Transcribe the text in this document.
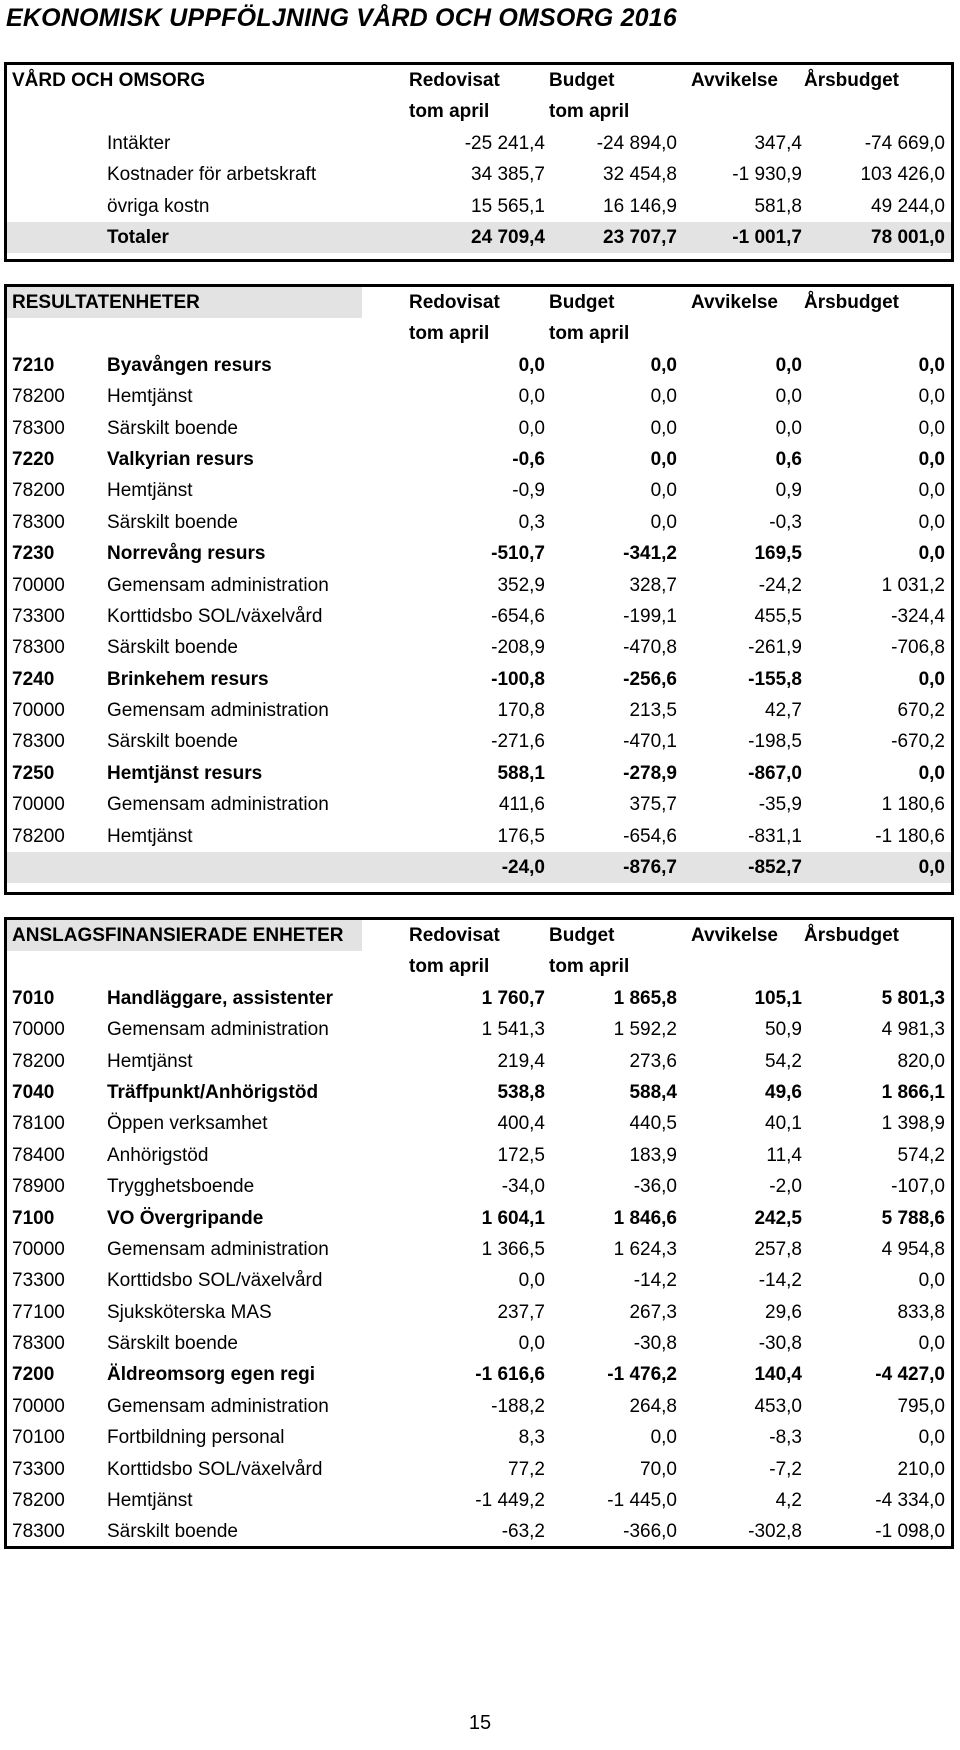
EKONOMISK UPPFÖLJNING VÅRD OCH OMSORG 2016
VÅRD OCH OMSORG	Redovisat	Budget	Avvikelse Årsbudget
tom april	tom april
Intäkter	-25 241,4	-24 894,0	347,4	-74 669,0
Kostnader för arbetskraft	34 385,7	32 454,8	-1 930,9	103 426,0
övriga kostn	15 565,1	16 146,9	581,8	49 244,0
Totaler	24 709,4	23 707,7	-1 001,7	78 001,0
RESULTATENHETER	Redovisat	Budget	Avvikelse Årsbudget
tom april	tom april
7210	Byavången resurs	0,0	0,0	0,0	0,0
78200 Hemtjänst	0,0	0,0	0,0	0,0
78300 Särskilt boende	0,0	0,0	0,0	0,0
7220	Valkyrian resurs	-0,6	0,0	0,6	0,0
78200 Hemtjänst	-0,9	0,0	0,9	0,0
78300 Särskilt boende	0,3	0,0	-0,3	0,0
7230	Norrevång resurs	-510,7	-341,2	169,5	0,0
70000 Gemensam administration	352,9	328,7	-24,2	1 031,2
73300 Korttidsbo SOL/växelvård	-654,6	-199,1	455,5	-324,4
78300 Särskilt boende	-208,9	-470,8	-261,9	-706,8
7240	Brinkehem resurs	-100,8	-256,6	-155,8	0,0
70000 Gemensam administration	170,8	213,5	42,7	670,2
78300 Särskilt boende	-271,6	-470,1	-198,5	-670,2
7250	Hemtjänst resurs	588,1	-278,9	-867,0	0,0
70000 Gemensam administration	411,6	375,7	-35,9	1 180,6
78200 Hemtjänst	176,5	-654,6	-831,1	-1 180,6
-24,0	-876,7	-852,7	0,0
ANSLAGSFINANSIERADE ENHETER	Redovisat	Budget	Avvikelse Årsbudget
tom april	tom april
7010	Handläggare, assistenter	1 760,7	1 865,8	105,1	5 801,3
70000 Gemensam administration	1 541,3	1 592,2	50,9	4 981,3
78200 Hemtjänst	219,4	273,6	54,2	820,0
7040	Träffpunkt/Anhörigstöd	538,8	588,4	49,6	1 866,1
78100 Öppen verksamhet	400,4	440,5	40,1	1 398,9
78400 Anhörigstöd	172,5	183,9	11,4	574,2
78900 Trygghetsboende	-34,0	-36,0	-2,0	-107,0
7100	VO Övergripande	1 604,1	1 846,6	242,5	5 788,6
70000 Gemensam administration	1 366,5	1 624,3	257,8	4 954,8
73300 Korttidsbo SOL/växelvård	0,0	-14,2	-14,2	0,0
77100 Sjuksköterska MAS	237,7	267,3	29,6	833,8
78300 Särskilt boende	0,0	-30,8	-30,8	0,0
7200	Äldreomsorg egen regi	-1 616,6	-1 476,2	140,4	-4 427,0
70000 Gemensam administration	-188,2	264,8	453,0	795,0
70100 Fortbildning personal	8,3	0,0	-8,3	0,0
73300 Korttidsbo SOL/växelvård	77,2	70,0	-7,2	210,0
78200 Hemtjänst	-1 449,2	-1 445,0	4,2	-4 334,0
78300 Särskilt boende	-63,2	-366,0	-302,8	-1 098,0
15
